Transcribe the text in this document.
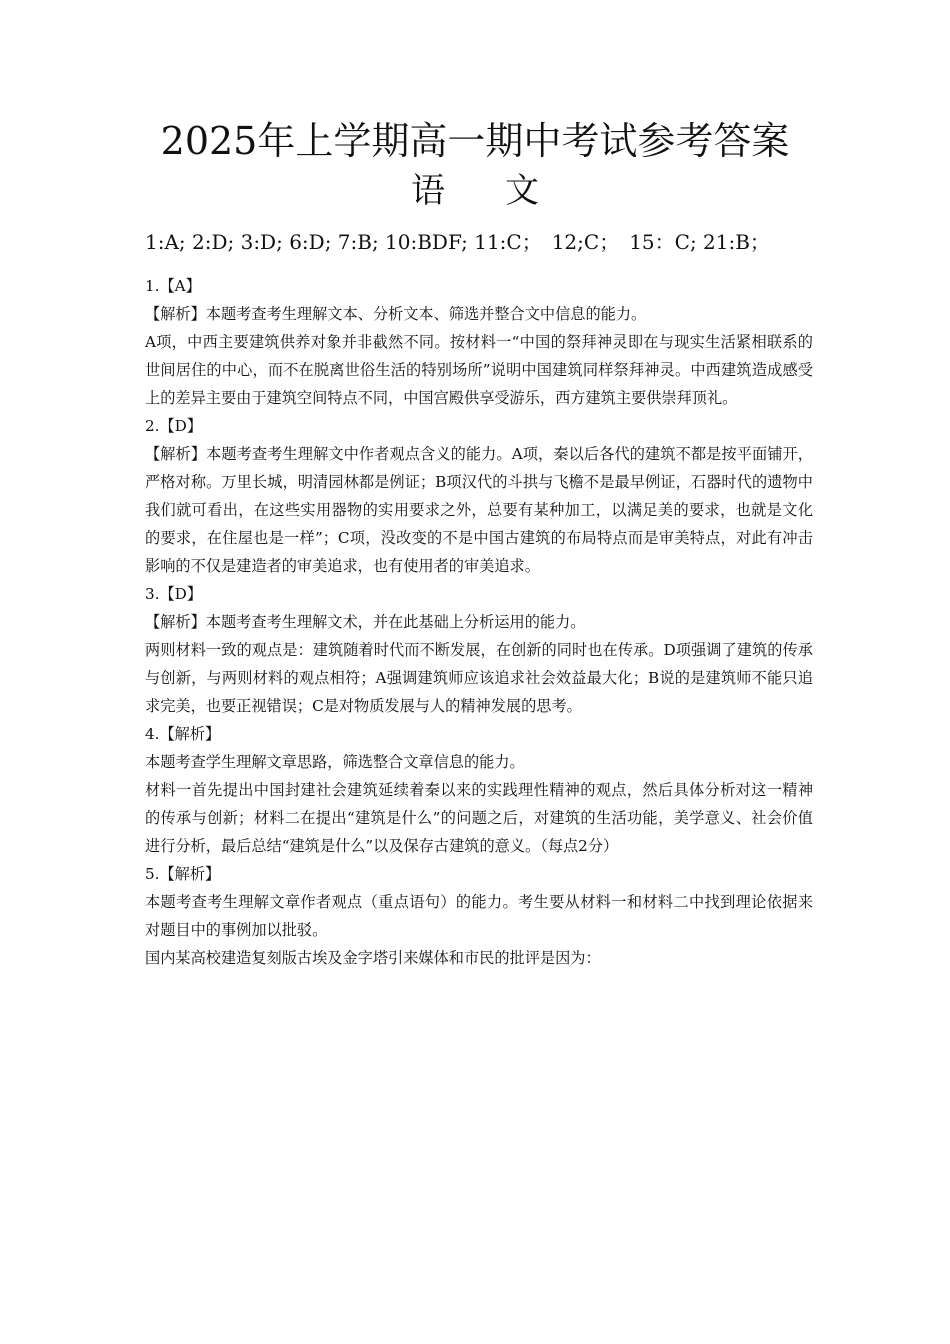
2025年上学期高一期中考试参考答案
语文
1:A; 2:D; 3:D; 6:D; 7:B; 10:BDF; 11:C；　12;C；　15：C; 21:B；

1.【A】

【解析】本题考查考生理解文本、分析文本、筛选并整合文中信息的能力。

A项，中西主要建筑供养对象并非截然不同。按材料一“中国的祭拜神灵即在与现实生活紧相联系的世间居住的中心，而不在脱离世俗生活的特别场所”说明中国建筑同样祭拜神灵。中西建筑造成感受上的差异主要由于建筑空间特点不同，中国宫殿供享受游乐，西方建筑主要供崇拜顶礼。

2.【D】

【解析】本题考查考生理解文中作者观点含义的能力。A项，秦以后各代的建筑不都是按平面铺开，严格对称。万里长城，明清园林都是例证；B项汉代的斗拱与飞檐不是最早例证，石器时代的遗物中我们就可看出，在这些实用器物的实用要求之外，总要有某种加工，以满足美的要求，也就是文化的要求，在住屋也是一样”；C项，没改变的不是中国古建筑的布局特点而是审美特点，对此有冲击影响的不仅是建造者的审美追求，也有使用者的审美追求。

3.【D】

【解析】本题考查考生理解文术，并在此基础上分析运用的能力。

两则材料一致的观点是：建筑随着时代而不断发展，在创新的同时也在传承。D项强调了建筑的传承与创新，与两则材料的观点相符；A强调建筑师应该追求社会效益最大化；B说的是建筑师不能只追求完美，也要正视错误；C是对物质发展与人的精神发展的思考。

4.【解析】

本题考查学生理解文章思路，筛选整合文章信息的能力。

材料一首先提出中国封建社会建筑延续着秦以来的实践理性精神的观点，然后具体分析对这一精神的传承与创新；材料二在提出“建筑是什么”的问题之后，对建筑的生活功能，美学意义、社会价值进行分析，最后总结“建筑是什么”以及保存古建筑的意义。（每点2分）

5.【解析】

本题考查考生理解文章作者观点（重点语句）的能力。考生要从材料一和材料二中找到理论依据来对题目中的事例加以批驳。

国内某高校建造复刻版古埃及金字塔引来媒体和市民的批评是因为：
